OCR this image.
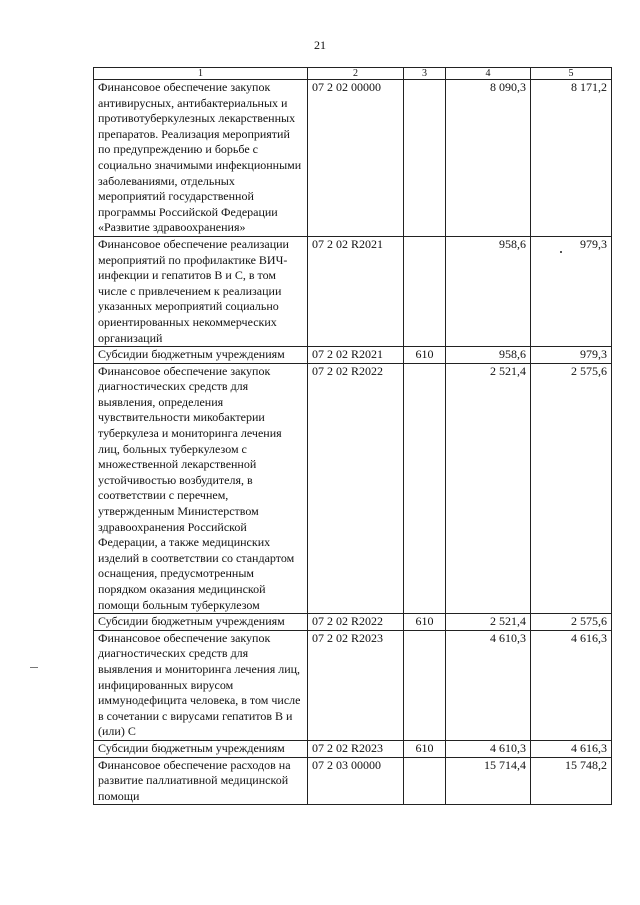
21
1	2	3	4	5
Финансовое обеспечение закупок антивирусных, антибактериальных и противотуберкулезных лекарственных препаратов. Реализация мероприятий по предупреждению и борьбе с социально значимыми инфекционными заболеваниями, отдельных мероприятий государственной программы Российской Федерации «Развитие здравоохранения»	07 2 02 00000		8 090,3	8 171,2
Финансовое обеспечение реализации мероприятий по профилактике ВИЧ-инфекции и гепатитов В и С, в том числе с привлечением к реализации указанных мероприятий социально ориентированных некоммерческих организаций	07 2 02 R2021		958,6	979,3
Субсидии бюджетным учреждениям	07 2 02 R2021	610	958,6	979,3
Финансовое обеспечение закупок диагностических средств для выявления, определения чувствительности микобактерии туберкулеза и мониторинга лечения лиц, больных туберкулезом с множественной лекарственной устойчивостью возбудителя, в соответствии с перечнем, утвержденным Министерством здравоохранения Российской Федерации, а также медицинских изделий в соответствии со стандартом оснащения, предусмотренным порядком оказания медицинской помощи больным туберкулезом	07 2 02 R2022		2 521,4	2 575,6
Субсидии бюджетным учреждениям	07 2 02 R2022	610	2 521,4	2 575,6
Финансовое обеспечение закупок диагностических средств для выявления и мониторинга лечения лиц, инфицированных вирусом иммунодефицита человека, в том числе в сочетании с вирусами гепатитов В и (или) С	07 2 02 R2023		4 610,3	4 616,3
Субсидии бюджетным учреждениям	07 2 02 R2023	610	4 610,3	4 616,3
Финансовое обеспечение расходов на развитие паллиативной медицинской помощи	07 2 03 00000		15 714,4	15 748,2
